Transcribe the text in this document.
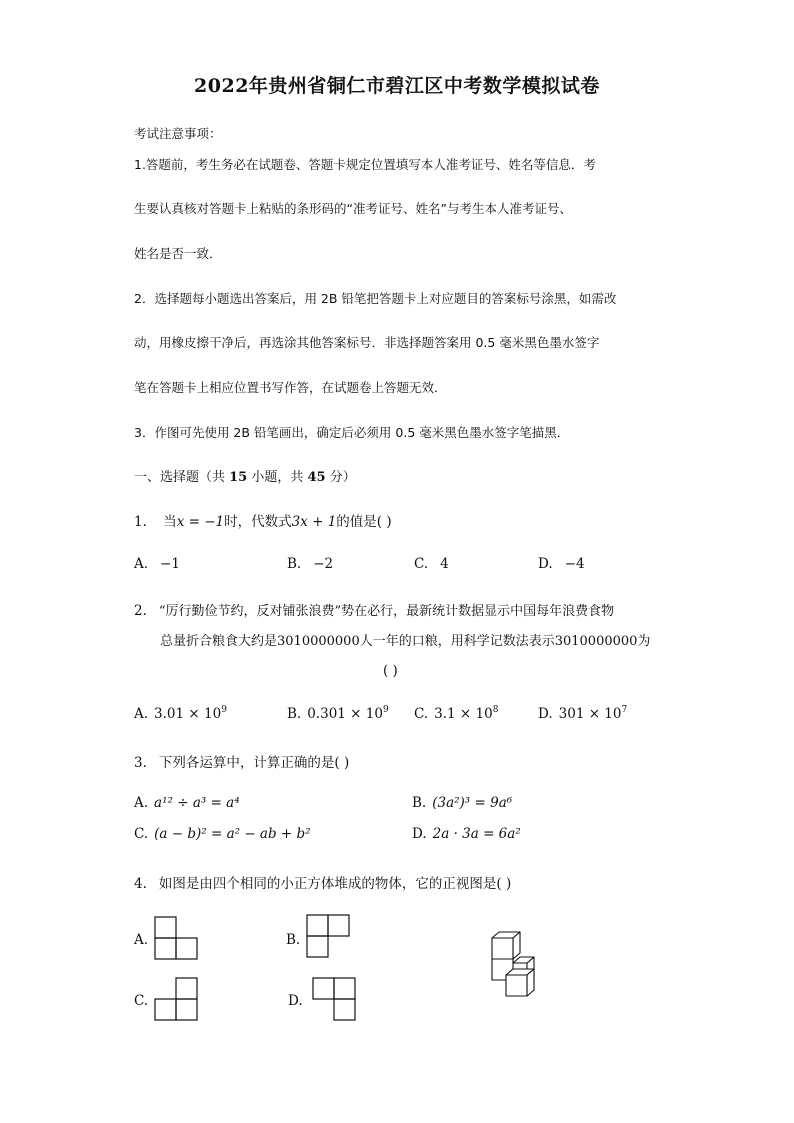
2022年贵州省铜仁市碧江区中考数学模拟试卷
考试注意事项：
1.答题前，考生务必在试题卷、答题卡规定位置填写本人准考证号、姓名等信息．考
生要认真核对答题卡上粘贴的条形码的“准考证号、姓名”与考生本人准考证号、
姓名是否一致．
2．选择题每小题选出答案后，用 2B 铅笔把答题卡上对应题目的答案标号涂黑，如需改
动，用橡皮擦干净后，再选涂其他答案标号．非选择题答案用 0.5 毫米黑色墨水签字
笔在答题卡上相应位置书写作答，在试题卷上答题无效．
3．作图可先使用 2B 铅笔画出，确定后必须用 0.5 毫米黑色墨水签字笔描黑．
一、选择题（共 15 小题，共 45 分）
1. 当x = −1时，代数式3x + 1的值是( )
A. −1	B. −2	C. 4	D. −4
2. “厉行勤俭节约，反对铺张浪费”势在必行，最新统计数据显示中国每年浪费食物
总量折合粮食大约是3010000000人一年的口粮，用科学记数法表示3010000000为
( )
A. $3.01 \times 10^9$	B. $0.301 \times 10^9$ C. $3.1 \times 10^8$	D. $301 \times 10^7$
3. 下列各运算中，计算正确的是( )
A. a¹² ÷ a³ = a⁴	B. (3a²)³ = 9a⁶
C. (a − b)² = a² − ab + b²	D. 2a · 3a = 6a²
4. 如图是由四个相同的小正方体堆成的物体，它的正视图是( )
A.	B.
C.	D.
